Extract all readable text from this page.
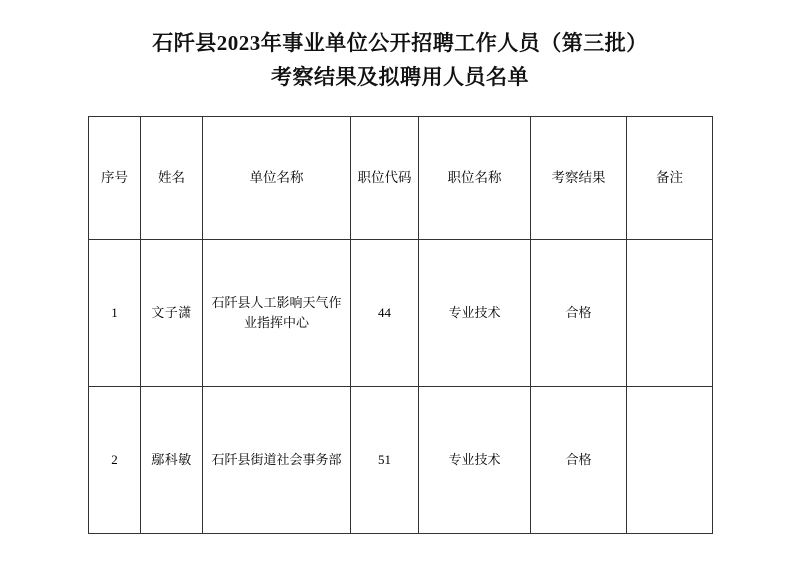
石阡县2023年事业单位公开招聘工作人员（第三批）
考察结果及拟聘用人员名单
序号	姓名	单位名称	职位代码	职位名称	考察结果	备注
1	文子潇	石阡县人工影响天气作业指挥中心	44	专业技术	合格	
2	鄢科敏	石阡县街道社会事务部	51	专业技术	合格	
